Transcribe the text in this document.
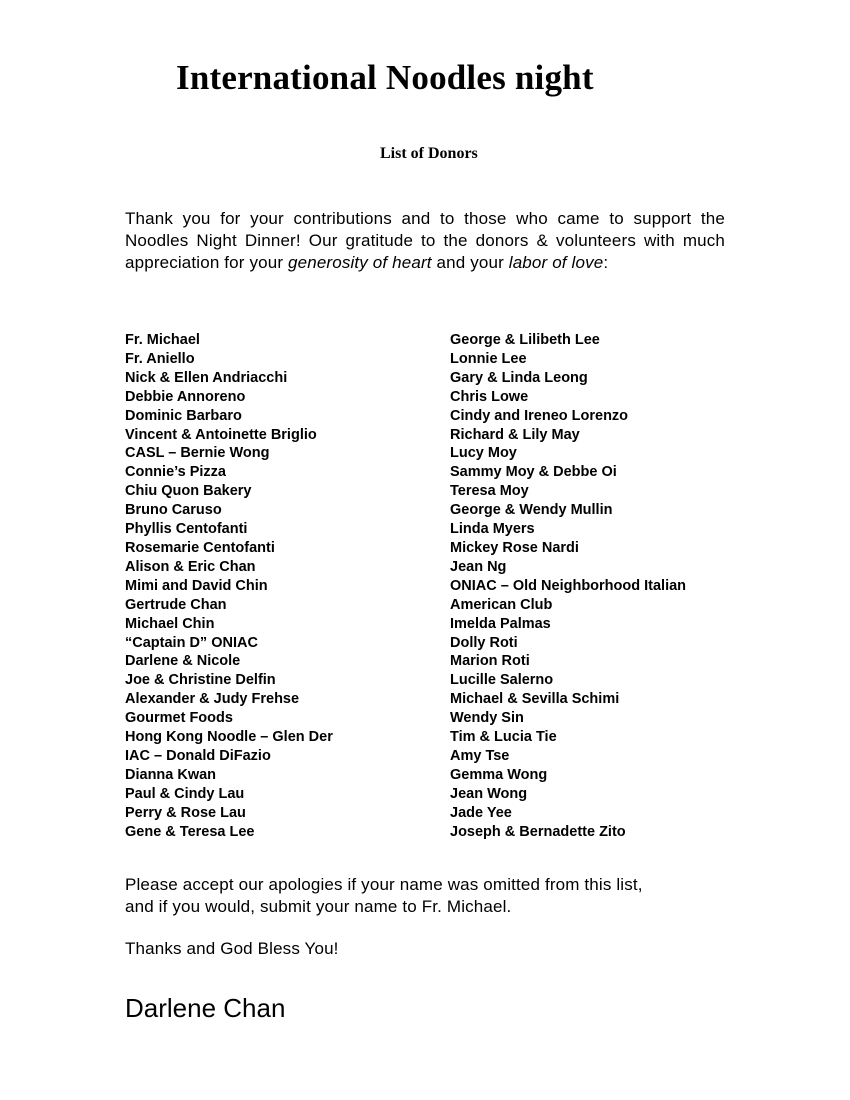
International Noodles night
List of Donors

Thank you for your contributions and to those who came to support the Noodles Night Dinner! Our gratitude to the donors & volunteers with much appreciation for your generosity of heart and your labor of love:

Fr. Michael
Fr. Aniello
Nick & Ellen Andriacchi
Debbie Annoreno
Dominic Barbaro
Vincent & Antoinette Briglio
CASL – Bernie Wong
Connie’s Pizza
Chiu Quon Bakery
Bruno Caruso
Phyllis Centofanti
Rosemarie Centofanti
Alison & Eric Chan
Mimi and David Chin
Gertrude Chan
Michael Chin
“Captain D” ONIAC
Darlene & Nicole
Joe & Christine Delfin
Alexander & Judy Frehse
Gourmet Foods
Hong Kong Noodle – Glen Der
IAC – Donald DiFazio
Dianna Kwan
Paul & Cindy Lau
Perry & Rose Lau
Gene & Teresa Lee
George & Lilibeth Lee
Lonnie Lee
Gary & Linda Leong
Chris Lowe
Cindy and Ireneo Lorenzo
Richard & Lily May
Lucy Moy
Sammy Moy & Debbe Oi
Teresa Moy
George & Wendy Mullin
Linda Myers
Mickey Rose Nardi
Jean Ng
ONIAC – Old Neighborhood Italian
American Club
Imelda Palmas
Dolly Roti
Marion Roti
Lucille Salerno
Michael & Sevilla Schimi
Wendy Sin
Tim & Lucia Tie
Amy Tse
Gemma Wong
Jean Wong
Jade Yee
Joseph & Bernadette Zito

Please accept our apologies if your name was omitted from this list,
and if you would, submit your name to Fr. Michael.

Thanks and God Bless You!

Darlene Chan
